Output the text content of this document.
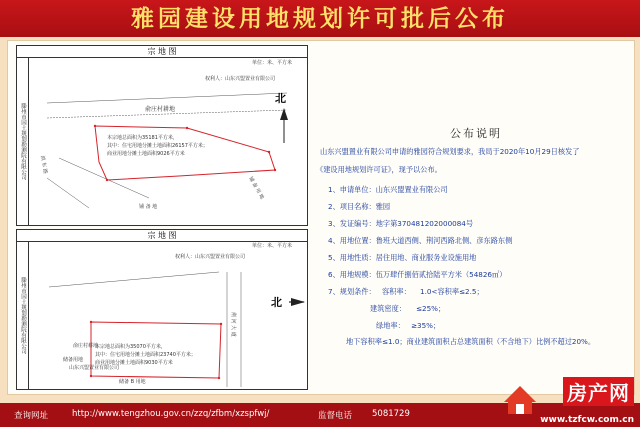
雅园建设用地规划许可批后公布
宗 地 图
滕州市国土规划勘测院有限公司
权利人：山东兴盟置业有限公司
单位：米、平方米
滨 东 路
铺 备 用 地
铺 备 地
俞庄村耕地
北
本宗地总面积为35181平方米，
其中：住宅用地分摊土地面积26157平方米；
商业用地分摊土地面积9026平方米
宗 地 图
滕州市国土规划勘测院有限公司
权利人：山东兴盟置业有限公司
单位：米、平方米
荆 河 大 道
储备 B 用地
北
俞庄村耕地
本宗地总面积为35070平方米，
其中：住宅用地分摊土地面积23740平方米；
商业用地分摊土地面积9030平方米
储备用地
山东兴盟置业有限公司
公布说明
山东兴盟置业有限公司申请的雅园符合规划要求，我局于2020年10月29日核发了
《建设用地规划许可证》，现予以公布。
1、申请单位：山东兴盟置业有限公司
2、项目名称：雅园
3、发证编号：地字第370481202000084号
4、用地位置：鲁班大道西侧、荆河西路北侧、彦东路东侧
5、用地性质：居住用地、商业服务业设施用地
6、用地规模：伍万肆仟捌佰贰拾陆平方米（54826㎡）
7、规划条件： 容积率： 1.0<容积率≤2.5；
建筑密度： ≤25%；
绿地率： ≥35%；
地下容积率≤1.0；商业建筑面积占总建筑面积（不含地下）比例不超过20%。
查询网址	http://www.tengzhou.gov.cn/zzq/zfbm/xzspfwj/	监督电话 5081729
房产网
www.tzfcw.com.cn
